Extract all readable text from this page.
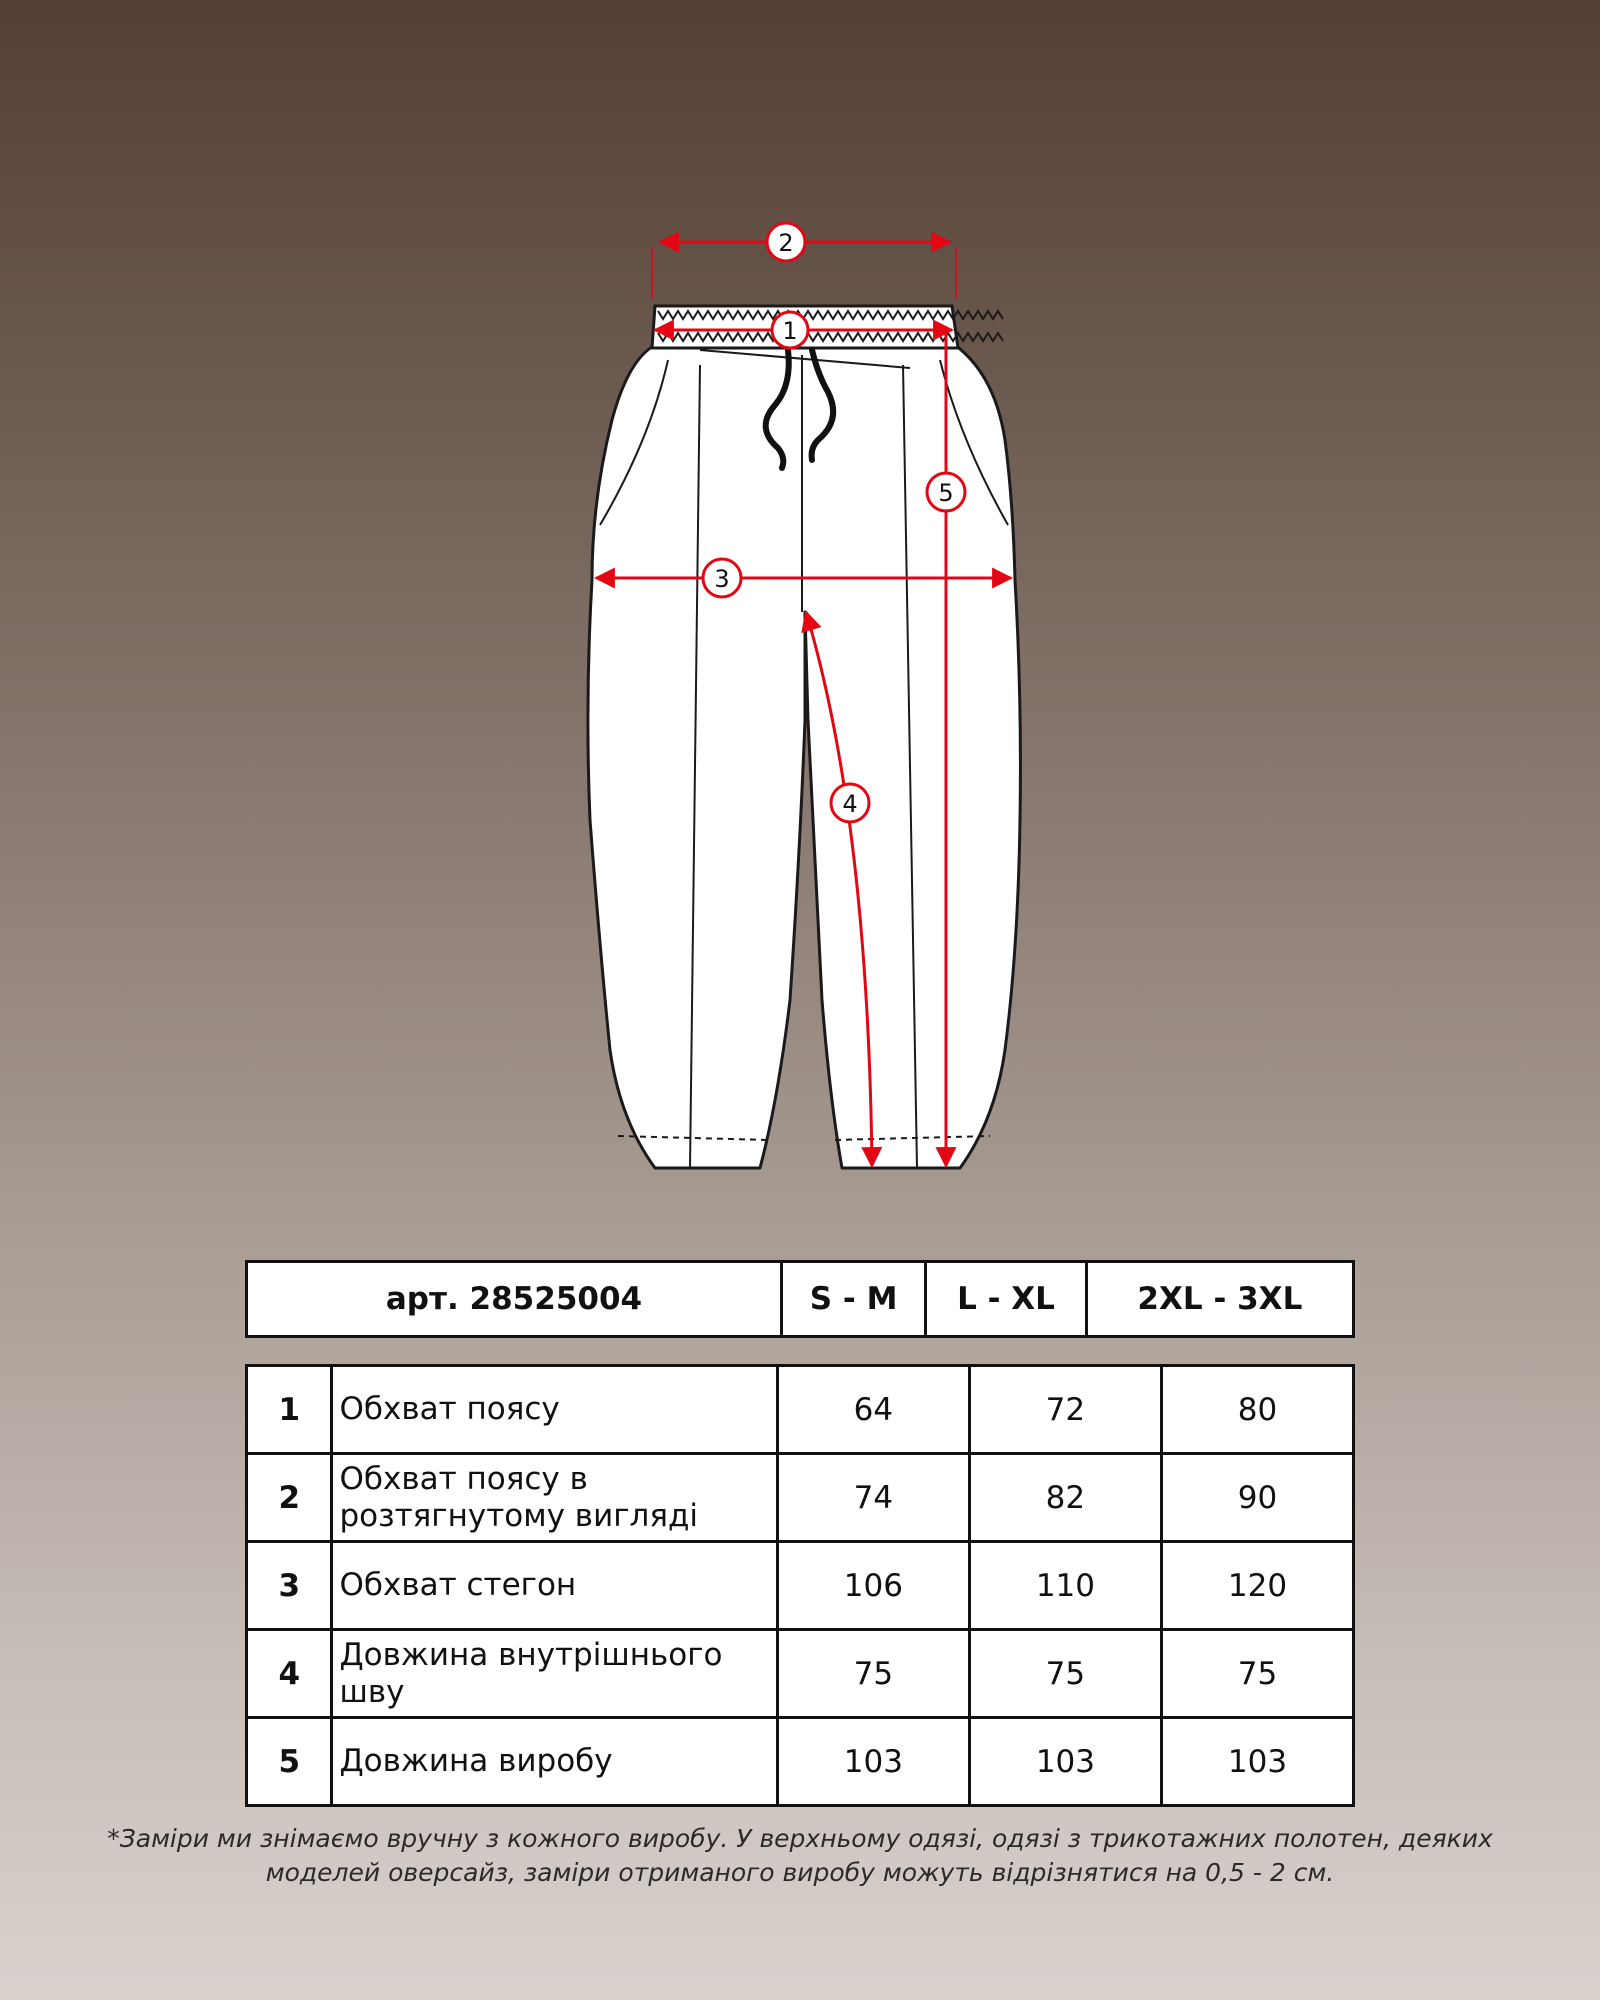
2
1
3
4
5
арт. 28525004	S - M	L - XL	2XL - 3XL
1	Обхват поясу	64	72	80
2	Обхват поясу в розтягнутому вигляді	74	82	90
3	Обхват стегон	106	110	120
4	Довжина внутрішнього шву	75	75	75
5	Довжина виробу	103	103	103
*Заміри ми знімаємо вручну з кожного виробу. У верхньому одязі, одязі з трикотажних полотен, деяких моделей оверсайз, заміри отриманого виробу можуть відрізнятися на 0,5 - 2 см.
